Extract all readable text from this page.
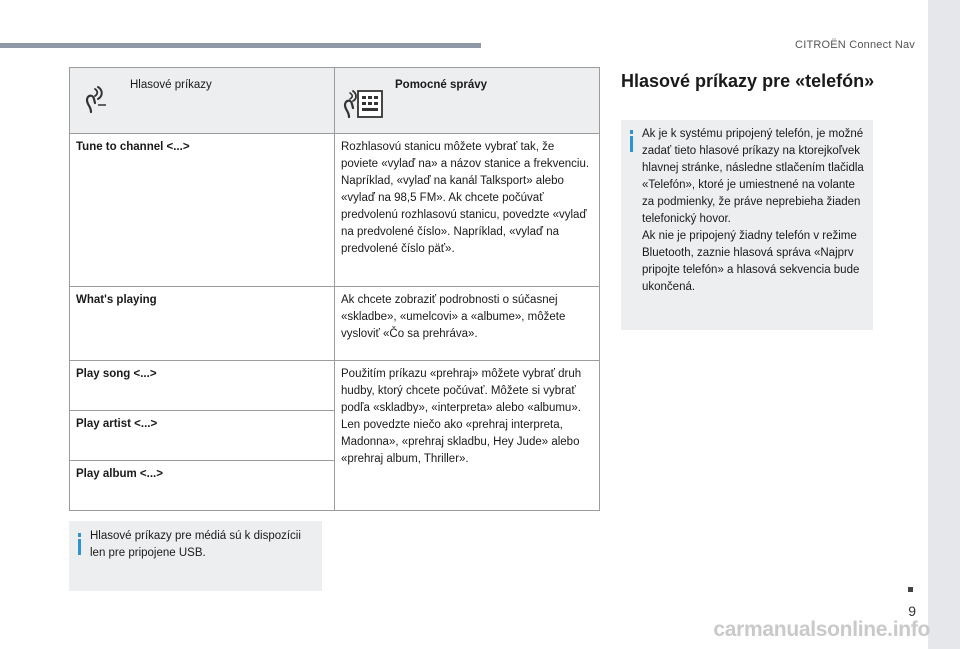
CITROËN Connect Nav
Hlasové príkazy	Pomocné správy

Tune to channel <...>	Rozhlasovú stanicu môžete vybrať tak, že poviete «vylaď na» a názov stanice a frekvenciu. Napríklad, «vylaď na kanál Talksport» alebo «vylaď na 98,5 FM». Ak chcete počúvať predvolenú rozhlasovú stanicu, povedzte «vylaď na predvolené číslo». Napríklad, «vylaď na predvolené číslo päť».
What's playing	Ak chcete zobraziť podrobnosti o súčasnej «skladbe», «umelcovi» a «albume», môžete vysloviť «Čo sa prehráva».
Play song <...>	Použitím príkazu «prehraj» môžete vybrať druh hudby, ktorý chcete počúvať. Môžete si vybrať podľa «skladby», «interpreta» alebo «albumu». Len povedzte niečo ako «prehraj interpreta, Madonna», «prehraj skladbu, Hey Jude» alebo «prehraj album, Thriller».
Play artist <...>	
Play album <...>	
Hlasové príkazy pre médiá sú k dispozícii len pre pripojene USB.
Hlasové príkazy pre «telefón»
Ak je k systému pripojený telefón, je možné zadať tieto hlasové príkazy na ktorejkoľvek hlavnej stránke, následne stlačením tlačidla «Telefón», ktoré je umiestnené na volante za podmienky, že práve neprebieha žiaden telefonický hovor.
Ak nie je pripojený žiadny telefón v režime Bluetooth, zaznie hlasová správa «Najprv pripojte telefón» a hlasová sekvencia bude ukončená.
9
carmanualsonline.info
